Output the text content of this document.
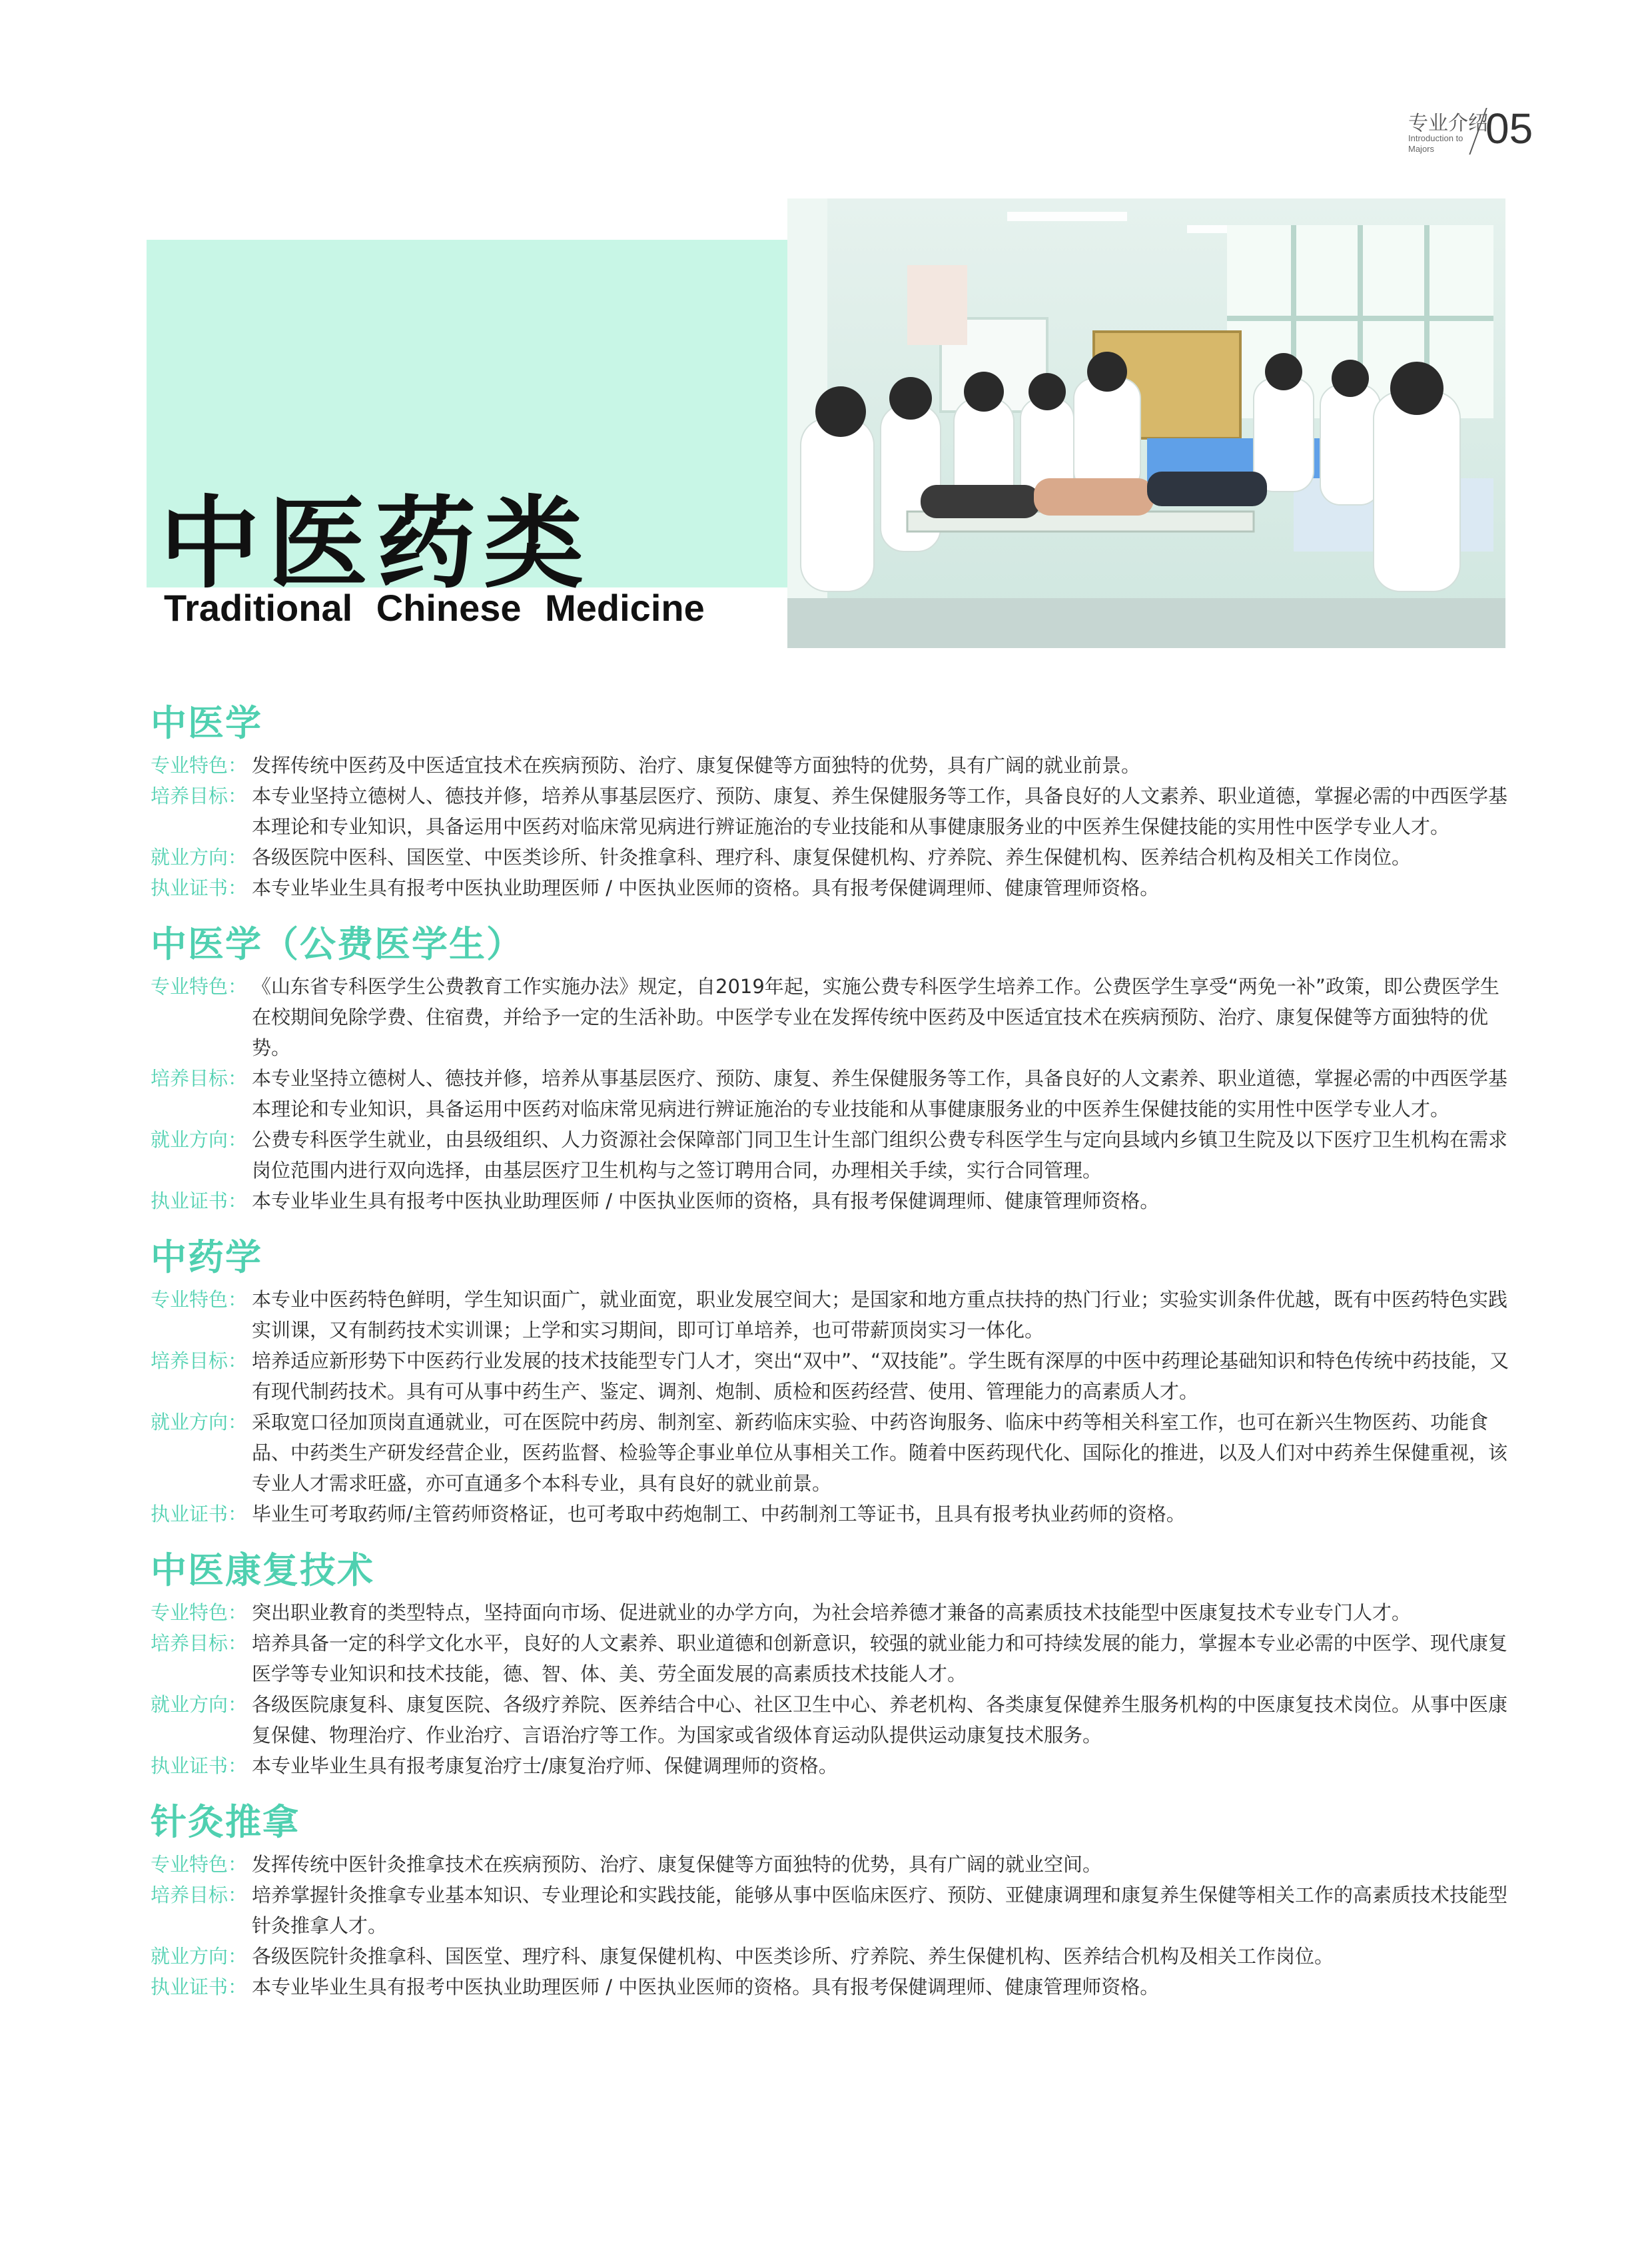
专业介绍
Introduction to
Majors 05
中医药类
Traditional Chinese Medicine
中医学
专业特色： 发挥传统中医药及中医适宜技术在疾病预防、治疗、康复保健等方面独特的优势，具有广阔的就业前景。
培养目标： 本专业坚持立德树人、德技并修，培养从事基层医疗、预防、康复、养生保健服务等工作，具备良好的人文素养、职业道德，掌握必需的中西医学基本理论和专业知识，具备运用中医药对临床常见病进行辨证施治的专业技能和从事健康服务业的中医养生保健技能的实用性中医学专业人才。
就业方向： 各级医院中医科、国医堂、中医类诊所、针灸推拿科、理疗科、康复保健机构、疗养院、养生保健机构、医养结合机构及相关工作岗位。
执业证书： 本专业毕业生具有报考中医执业助理医师 / 中医执业医师的资格。具有报考保健调理师、健康管理师资格。
中医学（公费医学生）
专业特色： 《山东省专科医学生公费教育工作实施办法》规定，自2019年起，实施公费专科医学生培养工作。公费医学生享受“两免一补”政策，即公费医学生在校期间免除学费、住宿费，并给予一定的生活补助。中医学专业在发挥传统中医药及中医适宜技术在疾病预防、治疗、康复保健等方面独特的优势。
培养目标： 本专业坚持立德树人、德技并修，培养从事基层医疗、预防、康复、养生保健服务等工作，具备良好的人文素养、职业道德，掌握必需的中西医学基本理论和专业知识，具备运用中医药对临床常见病进行辨证施治的专业技能和从事健康服务业的中医养生保健技能的实用性中医学专业人才。
就业方向： 公费专科医学生就业，由县级组织、人力资源社会保障部门同卫生计生部门组织公费专科医学生与定向县域内乡镇卫生院及以下医疗卫生机构在需求岗位范围内进行双向选择，由基层医疗卫生机构与之签订聘用合同，办理相关手续，实行合同管理。
执业证书： 本专业毕业生具有报考中医执业助理医师 / 中医执业医师的资格，具有报考保健调理师、健康管理师资格。
中药学
专业特色： 本专业中医药特色鲜明，学生知识面广，就业面宽，职业发展空间大；是国家和地方重点扶持的热门行业；实验实训条件优越，既有中医药特色实践实训课，又有制药技术实训课；上学和实习期间，即可订单培养，也可带薪顶岗实习一体化。
培养目标： 培养适应新形势下中医药行业发展的技术技能型专门人才，突出“双中”、“双技能”。学生既有深厚的中医中药理论基础知识和特色传统中药技能，又有现代制药技术。具有可从事中药生产、鉴定、调剂、炮制、质检和医药经营、使用、管理能力的高素质人才。
就业方向： 采取宽口径加顶岗直通就业，可在医院中药房、制剂室、新药临床实验、中药咨询服务、临床中药等相关科室工作，也可在新兴生物医药、功能食品、中药类生产研发经营企业，医药监督、检验等企事业单位从事相关工作。随着中医药现代化、国际化的推进，以及人们对中药养生保健重视，该专业人才需求旺盛，亦可直通多个本科专业，具有良好的就业前景。
执业证书： 毕业生可考取药师/主管药师资格证，也可考取中药炮制工、中药制剂工等证书，且具有报考执业药师的资格。
中医康复技术
专业特色： 突出职业教育的类型特点，坚持面向市场、促进就业的办学方向，为社会培养德才兼备的高素质技术技能型中医康复技术专业专门人才。
培养目标： 培养具备一定的科学文化水平，良好的人文素养、职业道德和创新意识，较强的就业能力和可持续发展的能力，掌握本专业必需的中医学、现代康复医学等专业知识和技术技能，德、智、体、美、劳全面发展的高素质技术技能人才。
就业方向： 各级医院康复科、康复医院、各级疗养院、医养结合中心、社区卫生中心、养老机构、各类康复保健养生服务机构的中医康复技术岗位。从事中医康复保健、物理治疗、作业治疗、言语治疗等工作。为国家或省级体育运动队提供运动康复技术服务。
执业证书： 本专业毕业生具有报考康复治疗士/康复治疗师、保健调理师的资格。
针灸推拿
专业特色： 发挥传统中医针灸推拿技术在疾病预防、治疗、康复保健等方面独特的优势，具有广阔的就业空间。
培养目标： 培养掌握针灸推拿专业基本知识、专业理论和实践技能，能够从事中医临床医疗、预防、亚健康调理和康复养生保健等相关工作的高素质技术技能型针灸推拿人才。
就业方向： 各级医院针灸推拿科、国医堂、理疗科、康复保健机构、中医类诊所、疗养院、养生保健机构、医养结合机构及相关工作岗位。
执业证书： 本专业毕业生具有报考中医执业助理医师 / 中医执业医师的资格。具有报考保健调理师、健康管理师资格。
